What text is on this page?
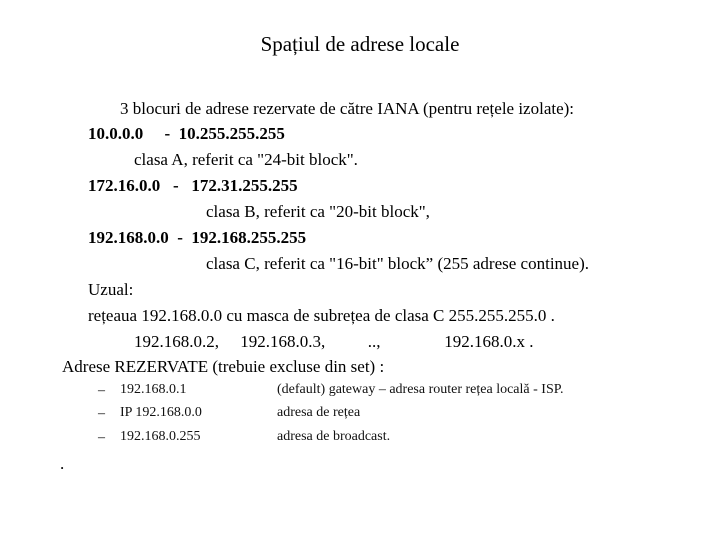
Spațiul de adrese locale
3 blocuri de adrese rezervate de către IANA (pentru rețele izolate):
10.0.0.0     -  10.255.255.255
clasa A, referit ca "24-bit block".
172.16.0.0   -   172.31.255.255
clasa B, referit ca "20-bit block",
192.168.0.0  -  192.168.255.255
clasa C, referit ca "16-bit" block” (255 adrese continue).
Uzual:
rețeaua 192.168.0.0 cu masca de subrețea de clasa C 255.255.255.0 .
192.168.0.2,     192.168.0.3,          ..,               192.168.0.x .
Adrese REZERVATE (trebuie excluse din set) :
– 192.168.0.1	(default) gateway – adresa router rețea locală - ISP.
– IP 192.168.0.0	adresa de rețea
– 192.168.0.255	adresa de broadcast.
.
